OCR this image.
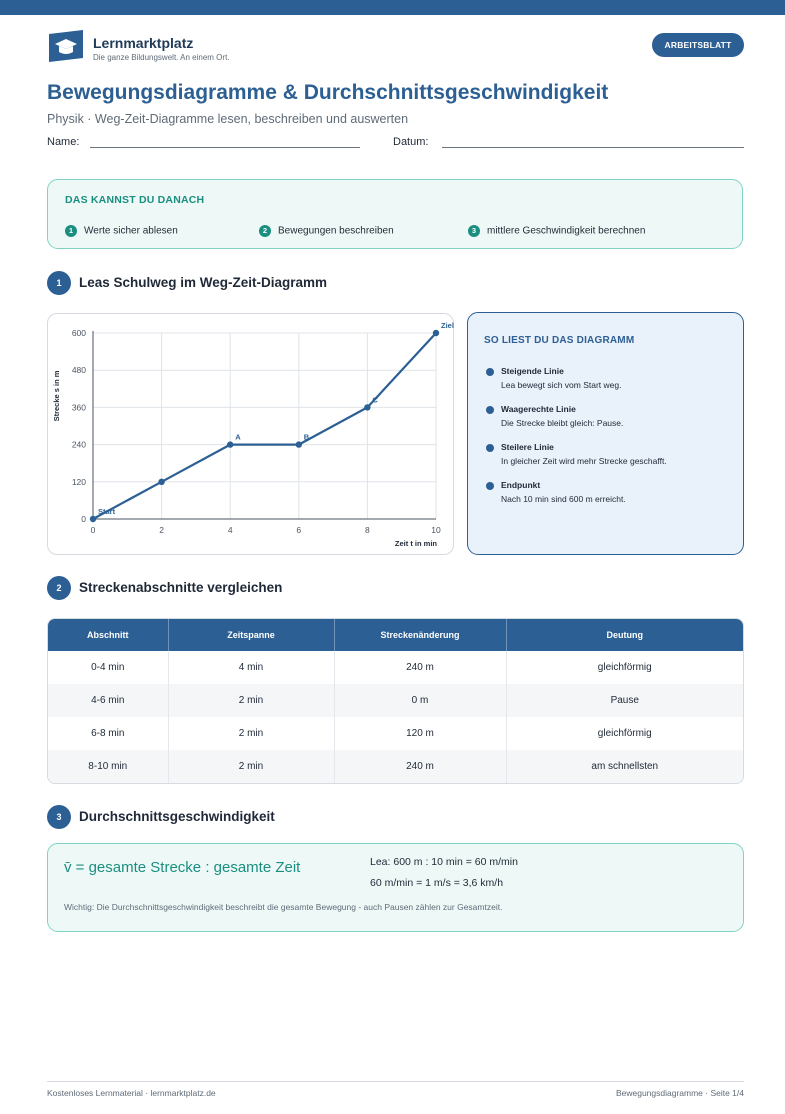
Lernmarktplatz
Die ganze Bildungswelt. An einem Ort.
ARBEITSBLATT
Bewegungsdiagramme & Durchschnittsgeschwindigkeit
Physik · Weg-Zeit-Diagramme lesen, beschreiben und auswerten
Name:	Datum:
DAS KANNST DU DANACH
1 Werte sicher ablesen	2 Bewegungen beschreiben	3 mittlere Geschwindigkeit berechnen
1	Leas Schulweg im Weg-Zeit-Diagramm
0	2	4	6	8	10
0
120
240
360
480
600
Zeit t in min
Strecke s in m
Start
A	B
C
Ziel
SO LIEST DU DAS DIAGRAMM
Steigende Linie
Lea bewegt sich vom Start weg.
Waagerechte Linie
Die Strecke bleibt gleich: Pause.
Steilere Linie
In gleicher Zeit wird mehr Strecke geschafft.
Endpunkt
Nach 10 min sind 600 m erreicht.
2	Streckenabschnitte vergleichen
Abschnitt	Zeitspanne	Streckenänderung	Deutung
0-4 min	4 min	240 m	gleichförmig
4-6 min	2 min	0 m	Pause
6-8 min	2 min	120 m	gleichförmig
8-10 min	2 min	240 m	am schnellsten
3	Durchschnittsgeschwindigkeit
v̄ = gesamte Strecke : gesamte Zeit	Lea: 600 m : 10 min = 60 m/min
60 m/min = 1 m/s = 3,6 km/h
Wichtig: Die Durchschnittsgeschwindigkeit beschreibt die gesamte Bewegung - auch Pausen zählen zur Gesamtzeit.
Kostenloses Lernmaterial · lernmarktplatz.de	Bewegungsdiagramme · Seite 1/4
